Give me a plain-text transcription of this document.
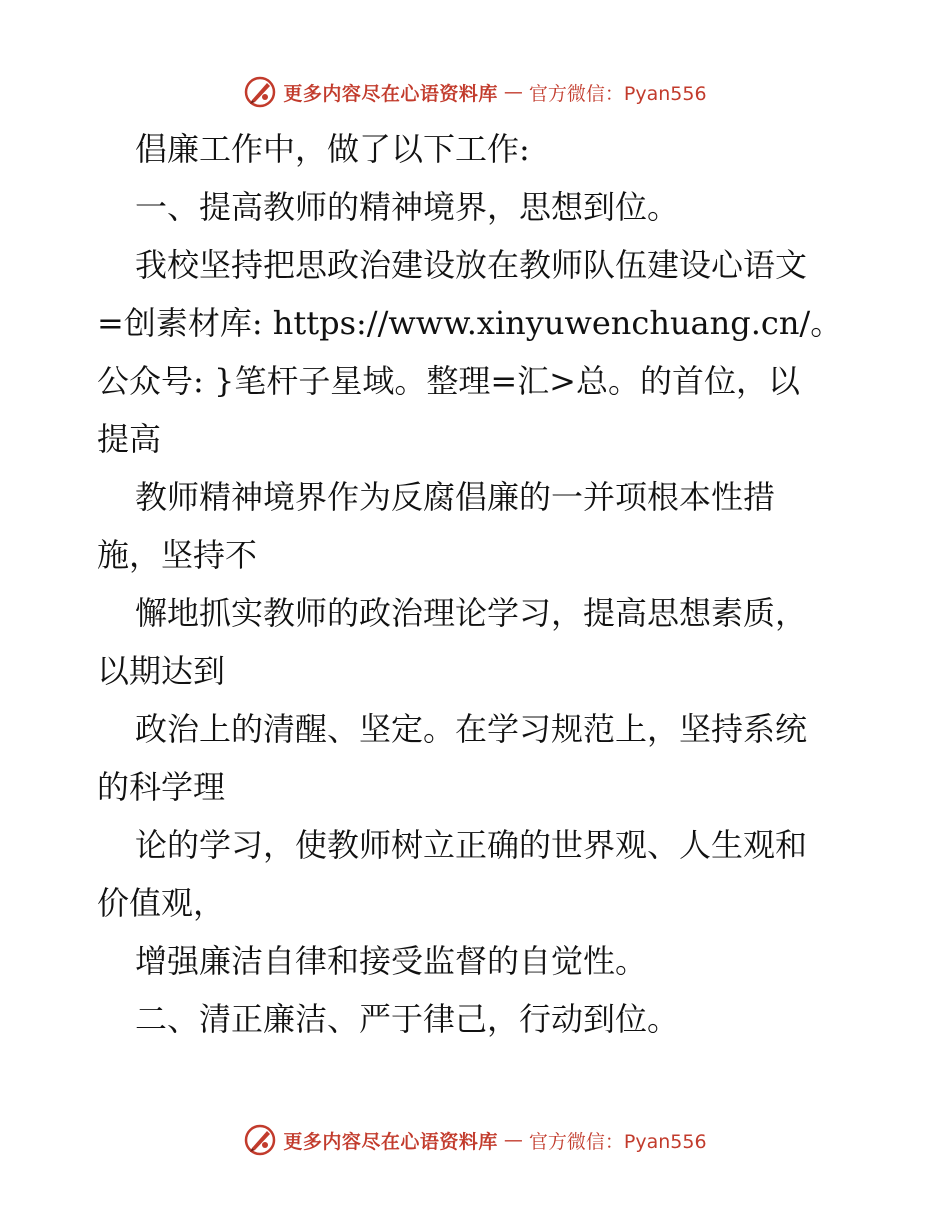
更多内容尽在心语资料库 — 官方微信：Pyan556

倡廉工作中，做了以下工作:

一、提高教师的精神境界，思想到位。

我校坚持把思政治建设放在教师队伍建设心语文

=创素材库: https://www.xinyuwenchuang.cn/。

公众号: }笔杆子星域。整理=汇>总。的首位，以

提高

教师精神境界作为反腐倡廉的一并项根本性措

施，坚持不

懈地抓实教师的政治理论学习，提高思想素质，

以期达到

政治上的清醒、坚定。在学习规范上，坚持系统

的科学理

论的学习，使教师树立正确的世界观、人生观和

价值观，

增强廉洁自律和接受监督的自觉性。

二、清正廉洁、严于律己，行动到位。

更多内容尽在心语资料库 — 官方微信：Pyan556
